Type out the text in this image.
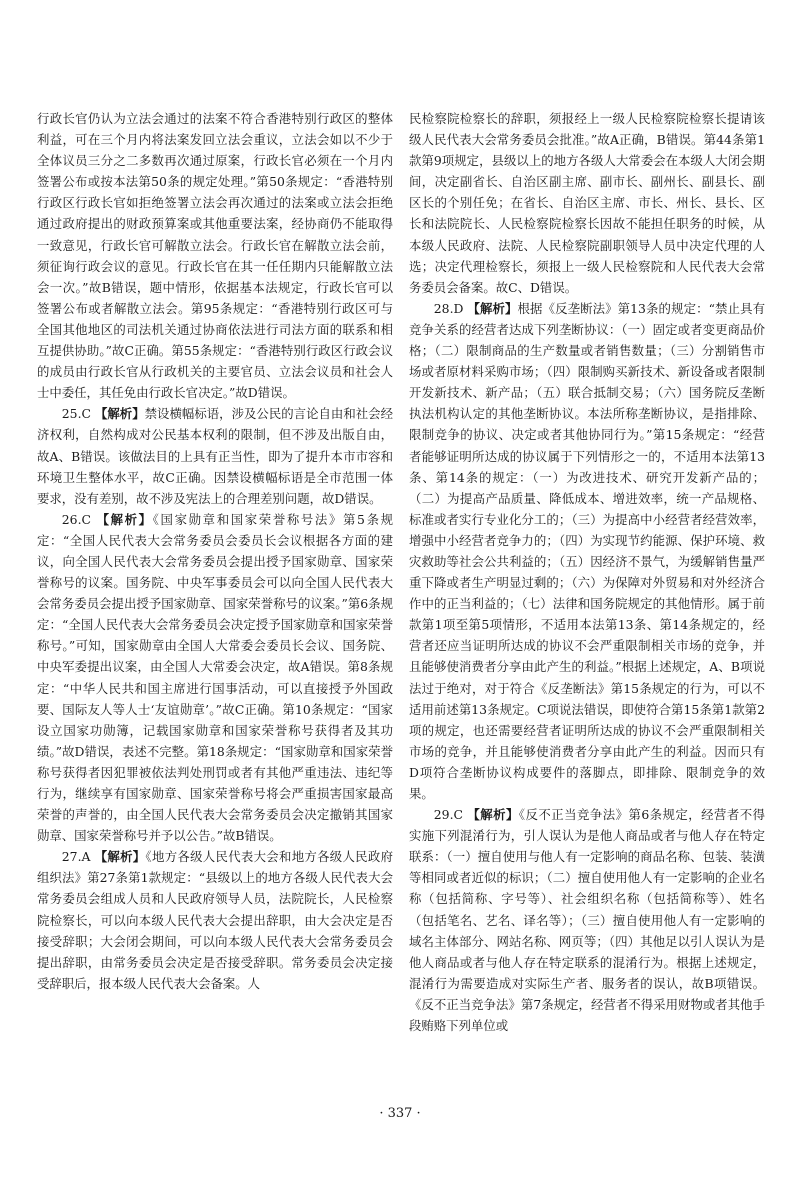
行政长官仍认为立法会通过的法案不符合香港特别行政区的整体利益，可在三个月内将法案发回立法会重议，立法会如以不少于全体议员三分之二多数再次通过原案，行政长官必须在一个月内签署公布或按本法第50条的规定处理。”第50条规定：“香港特别行政区行政长官如拒绝签署立法会再次通过的法案或立法会拒绝通过政府提出的财政预算案或其他重要法案，经协商仍不能取得一致意见，行政长官可解散立法会。行政长官在解散立法会前，须征询行政会议的意见。行政长官在其一任任期内只能解散立法会一次。”故B错误，题中情形，依据基本法规定，行政长官可以签署公布或者解散立法会。第95条规定：“香港特别行政区可与全国其他地区的司法机关通过协商依法进行司法方面的联系和相互提供协助。”故C正确。第55条规定：“香港特别行政区行政会议的成员由行政长官从行政机关的主要官员、立法会议员和社会人士中委任，其任免由行政长官决定。”故D错误。

25.C 【解析】禁设横幅标语，涉及公民的言论自由和社会经济权利，自然构成对公民基本权利的限制，但不涉及出版自由，故A、B错误。该做法目的上具有正当性，即为了提升本市市容和环境卫生整体水平，故C正确。因禁设横幅标语是全市范围一体要求，没有差别，故不涉及宪法上的合理差别问题，故D错误。

26.C 【解析】《国家勋章和国家荣誉称号法》第5条规定：“全国人民代表大会常务委员会委员长会议根据各方面的建议，向全国人民代表大会常务委员会提出授予国家勋章、国家荣誉称号的议案。国务院、中央军事委员会可以向全国人民代表大会常务委员会提出授予国家勋章、国家荣誉称号的议案。”第6条规定：“全国人民代表大会常务委员会决定授予国家勋章和国家荣誉称号。”可知，国家勋章由全国人大常委会委员长会议、国务院、中央军委提出议案，由全国人大常委会决定，故A错误。第8条规定：“中华人民共和国主席进行国事活动，可以直接授予外国政要、国际友人等人士‘友谊勋章’。”故C正确。第10条规定：“国家设立国家功勋簿，记载国家勋章和国家荣誉称号获得者及其功绩。”故D错误，表述不完整。第18条规定：“国家勋章和国家荣誉称号获得者因犯罪被依法判处刑罚或者有其他严重违法、违纪等行为，继续享有国家勋章、国家荣誉称号将会严重损害国家最高荣誉的声誉的，由全国人民代表大会常务委员会决定撤销其国家勋章、国家荣誉称号并予以公告。”故B错误。

27.A 【解析】《地方各级人民代表大会和地方各级人民政府组织法》第27条第1款规定：“县级以上的地方各级人民代表大会常务委员会组成人员和人民政府领导人员，法院院长，人民检察院检察长，可以向本级人民代表大会提出辞职，由大会决定是否接受辞职；大会闭会期间，可以向本级人民代表大会常务委员会提出辞职，由常务委员会决定是否接受辞职。常务委员会决定接受辞职后，报本级人民代表大会备案。人

民检察院检察长的辞职，须报经上一级人民检察院检察长提请该级人民代表大会常务委员会批准。”故A正确，B错误。第44条第1款第9项规定，县级以上的地方各级人大常委会在本级人大闭会期间，决定副省长、自治区副主席、副市长、副州长、副县长、副区长的个别任免；在省长、自治区主席、市长、州长、县长、区长和法院院长、人民检察院检察长因故不能担任职务的时候，从本级人民政府、法院、人民检察院副职领导人员中决定代理的人选；决定代理检察长，须报上一级人民检察院和人民代表大会常务委员会备案。故C、D错误。

28.D 【解析】根据《反垄断法》第13条的规定：“禁止具有竞争关系的经营者达成下列垄断协议：（一）固定或者变更商品价格；（二）限制商品的生产数量或者销售数量；（三）分割销售市场或者原材料采购市场；（四）限制购买新技术、新设备或者限制开发新技术、新产品；（五）联合抵制交易；（六）国务院反垄断执法机构认定的其他垄断协议。本法所称垄断协议，是指排除、限制竞争的协议、决定或者其他协同行为。”第15条规定：“经营者能够证明所达成的协议属于下列情形之一的，不适用本法第13条、第14条的规定：（一）为改进技术、研究开发新产品的；（二）为提高产品质量、降低成本、增进效率，统一产品规格、标准或者实行专业化分工的；（三）为提高中小经营者经营效率，增强中小经营者竞争力的；（四）为实现节约能源、保护环境、救灾救助等社会公共利益的；（五）因经济不景气，为缓解销售量严重下降或者生产明显过剩的；（六）为保障对外贸易和对外经济合作中的正当利益的；（七）法律和国务院规定的其他情形。属于前款第1项至第5项情形，不适用本法第13条、第14条规定的，经营者还应当证明所达成的协议不会严重限制相关市场的竞争，并且能够使消费者分享由此产生的利益。”根据上述规定，A、B项说法过于绝对，对于符合《反垄断法》第15条规定的行为，可以不适用前述第13条规定。C项说法错误，即使符合第15条第1款第2项的规定，也还需要经营者证明所达成的协议不会严重限制相关市场的竞争，并且能够使消费者分享由此产生的利益。因而只有D项符合垄断协议构成要件的落脚点，即排除、限制竞争的效果。

29.C 【解析】《反不正当竞争法》第6条规定，经营者不得实施下列混淆行为，引人误认为是他人商品或者与他人存在特定联系：（一）擅自使用与他人有一定影响的商品名称、包装、装潢等相同或者近似的标识；（二）擅自使用他人有一定影响的企业名称（包括简称、字号等）、社会组织名称（包括简称等）、姓名（包括笔名、艺名、译名等）；（三）擅自使用他人有一定影响的域名主体部分、网站名称、网页等；（四）其他足以引人误认为是他人商品或者与他人存在特定联系的混淆行为。根据上述规定，混淆行为需要造成对实际生产者、服务者的误认，故B项错误。《反不正当竞争法》第7条规定，经营者不得采用财物或者其他手段贿赂下列单位或

· 337 ·
